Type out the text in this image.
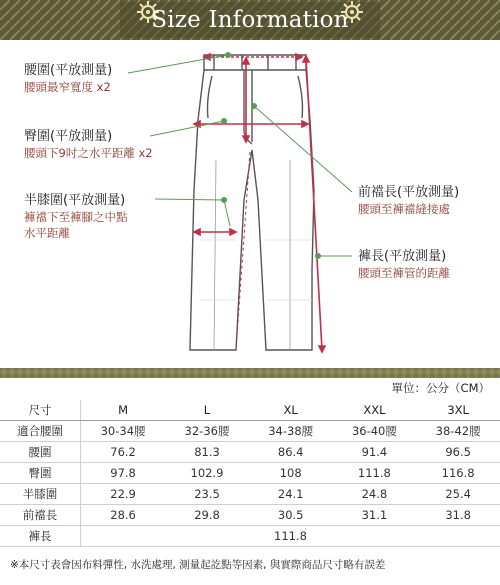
Size Information
腰圍(平放測量)
腰頭最窄寬度 x2
臀圍(平放測量)
腰頭下9吋之水平距離 x2
半膝圍(平放測量)
褲襠下至褲腳之中點
水平距離
前襠長(平放測量)
腰頭至褲襠縫接處
褲長(平放測量)
腰頭至褲管的距離
單位：公分（CM）
尺寸	M	L	XL	XXL	3XL
適合腰圍	30-34腰	32-36腰	34-38腰	36-40腰	38-42腰
腰圍	76.2	81.3	86.4	91.4	96.5
臀圍	97.8	102.9	108	111.8	116.8
半膝圍	22.9	23.5	24.1	24.8	25.4
前襠長	28.6	29.8	30.5	31.1	31.8
褲長	111.8				
※本尺寸表會因布料彈性, 水洗處理, 測量起訖點等因素, 與實際商品尺寸略有誤差
